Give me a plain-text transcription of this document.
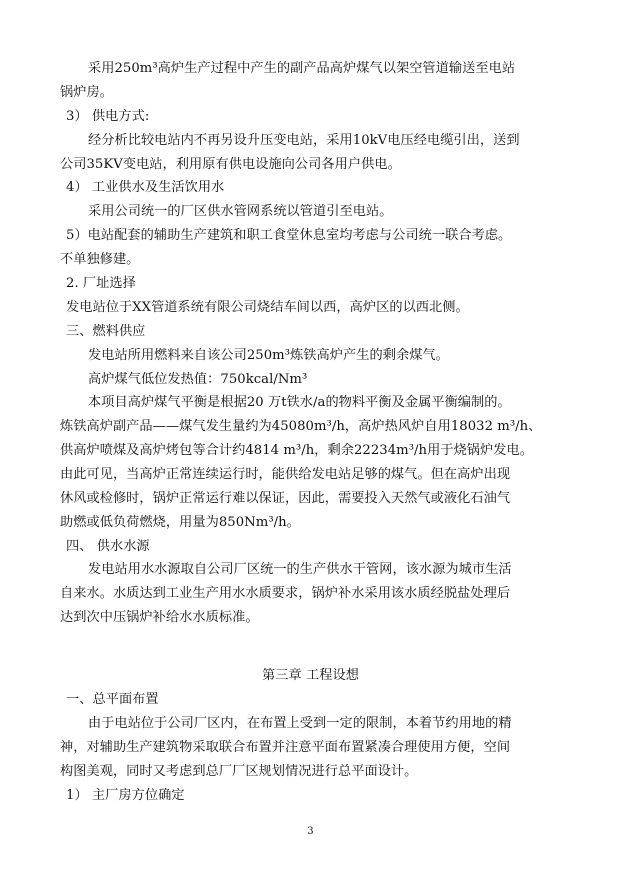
采用250m³高炉生产过程中产生的副产品高炉煤气以架空管道输送至电站
锅炉房。
3） 供电方式:
经分析比较电站内不再另设升压变电站，采用10kV电压经电缆引出，送到
公司35KV变电站，利用原有供电设施向公司各用户供电。
4） 工业供水及生活饮用水
采用公司统一的厂区供水管网系统以管道引至电站。
5）电站配套的辅助生产建筑和职工食堂休息室均考虑与公司统一联合考虑。
不单独修建。
2. 厂址选择
发电站位于XX管道系统有限公司烧结车间以西，高炉区的以西北侧。
三、燃料供应
发电站所用燃料来自该公司250m³炼铁高炉产生的剩余煤气。
高炉煤气低位发热值：750kcal/Nm³
本项目高炉煤气平衡是根据20 万t铁水/a的物料平衡及金属平衡编制的。
炼铁高炉副产品——煤气发生量约为45080m³/h，高炉热风炉自用18032 m³/h、
供高炉喷煤及高炉烤包等合计约4814 m³/h，剩余22234m³/h用于烧锅炉发电。
由此可见，当高炉正常连续运行时，能供给发电站足够的煤气。但在高炉出现
休风或检修时，锅炉正常运行难以保证，因此，需要投入天然气或液化石油气
助燃或低负荷燃烧，用量为850Nm³/h。
四、 供水水源
发电站用水水源取自公司厂区统一的生产供水干管网，该水源为城市生活
自来水。水质达到工业生产用水水质要求，锅炉补水采用该水质经脱盐处理后
达到次中压锅炉补给水水质标准。
第三章 工程设想
一、总平面布置
由于电站位于公司厂区内，在布置上受到一定的限制，本着节约用地的精
神，对辅助生产建筑物采取联合布置并注意平面布置紧凑合理使用方便，空间
构图美观，同时又考虑到总厂厂区规划情况进行总平面设计。
1） 主厂房方位确定
3
